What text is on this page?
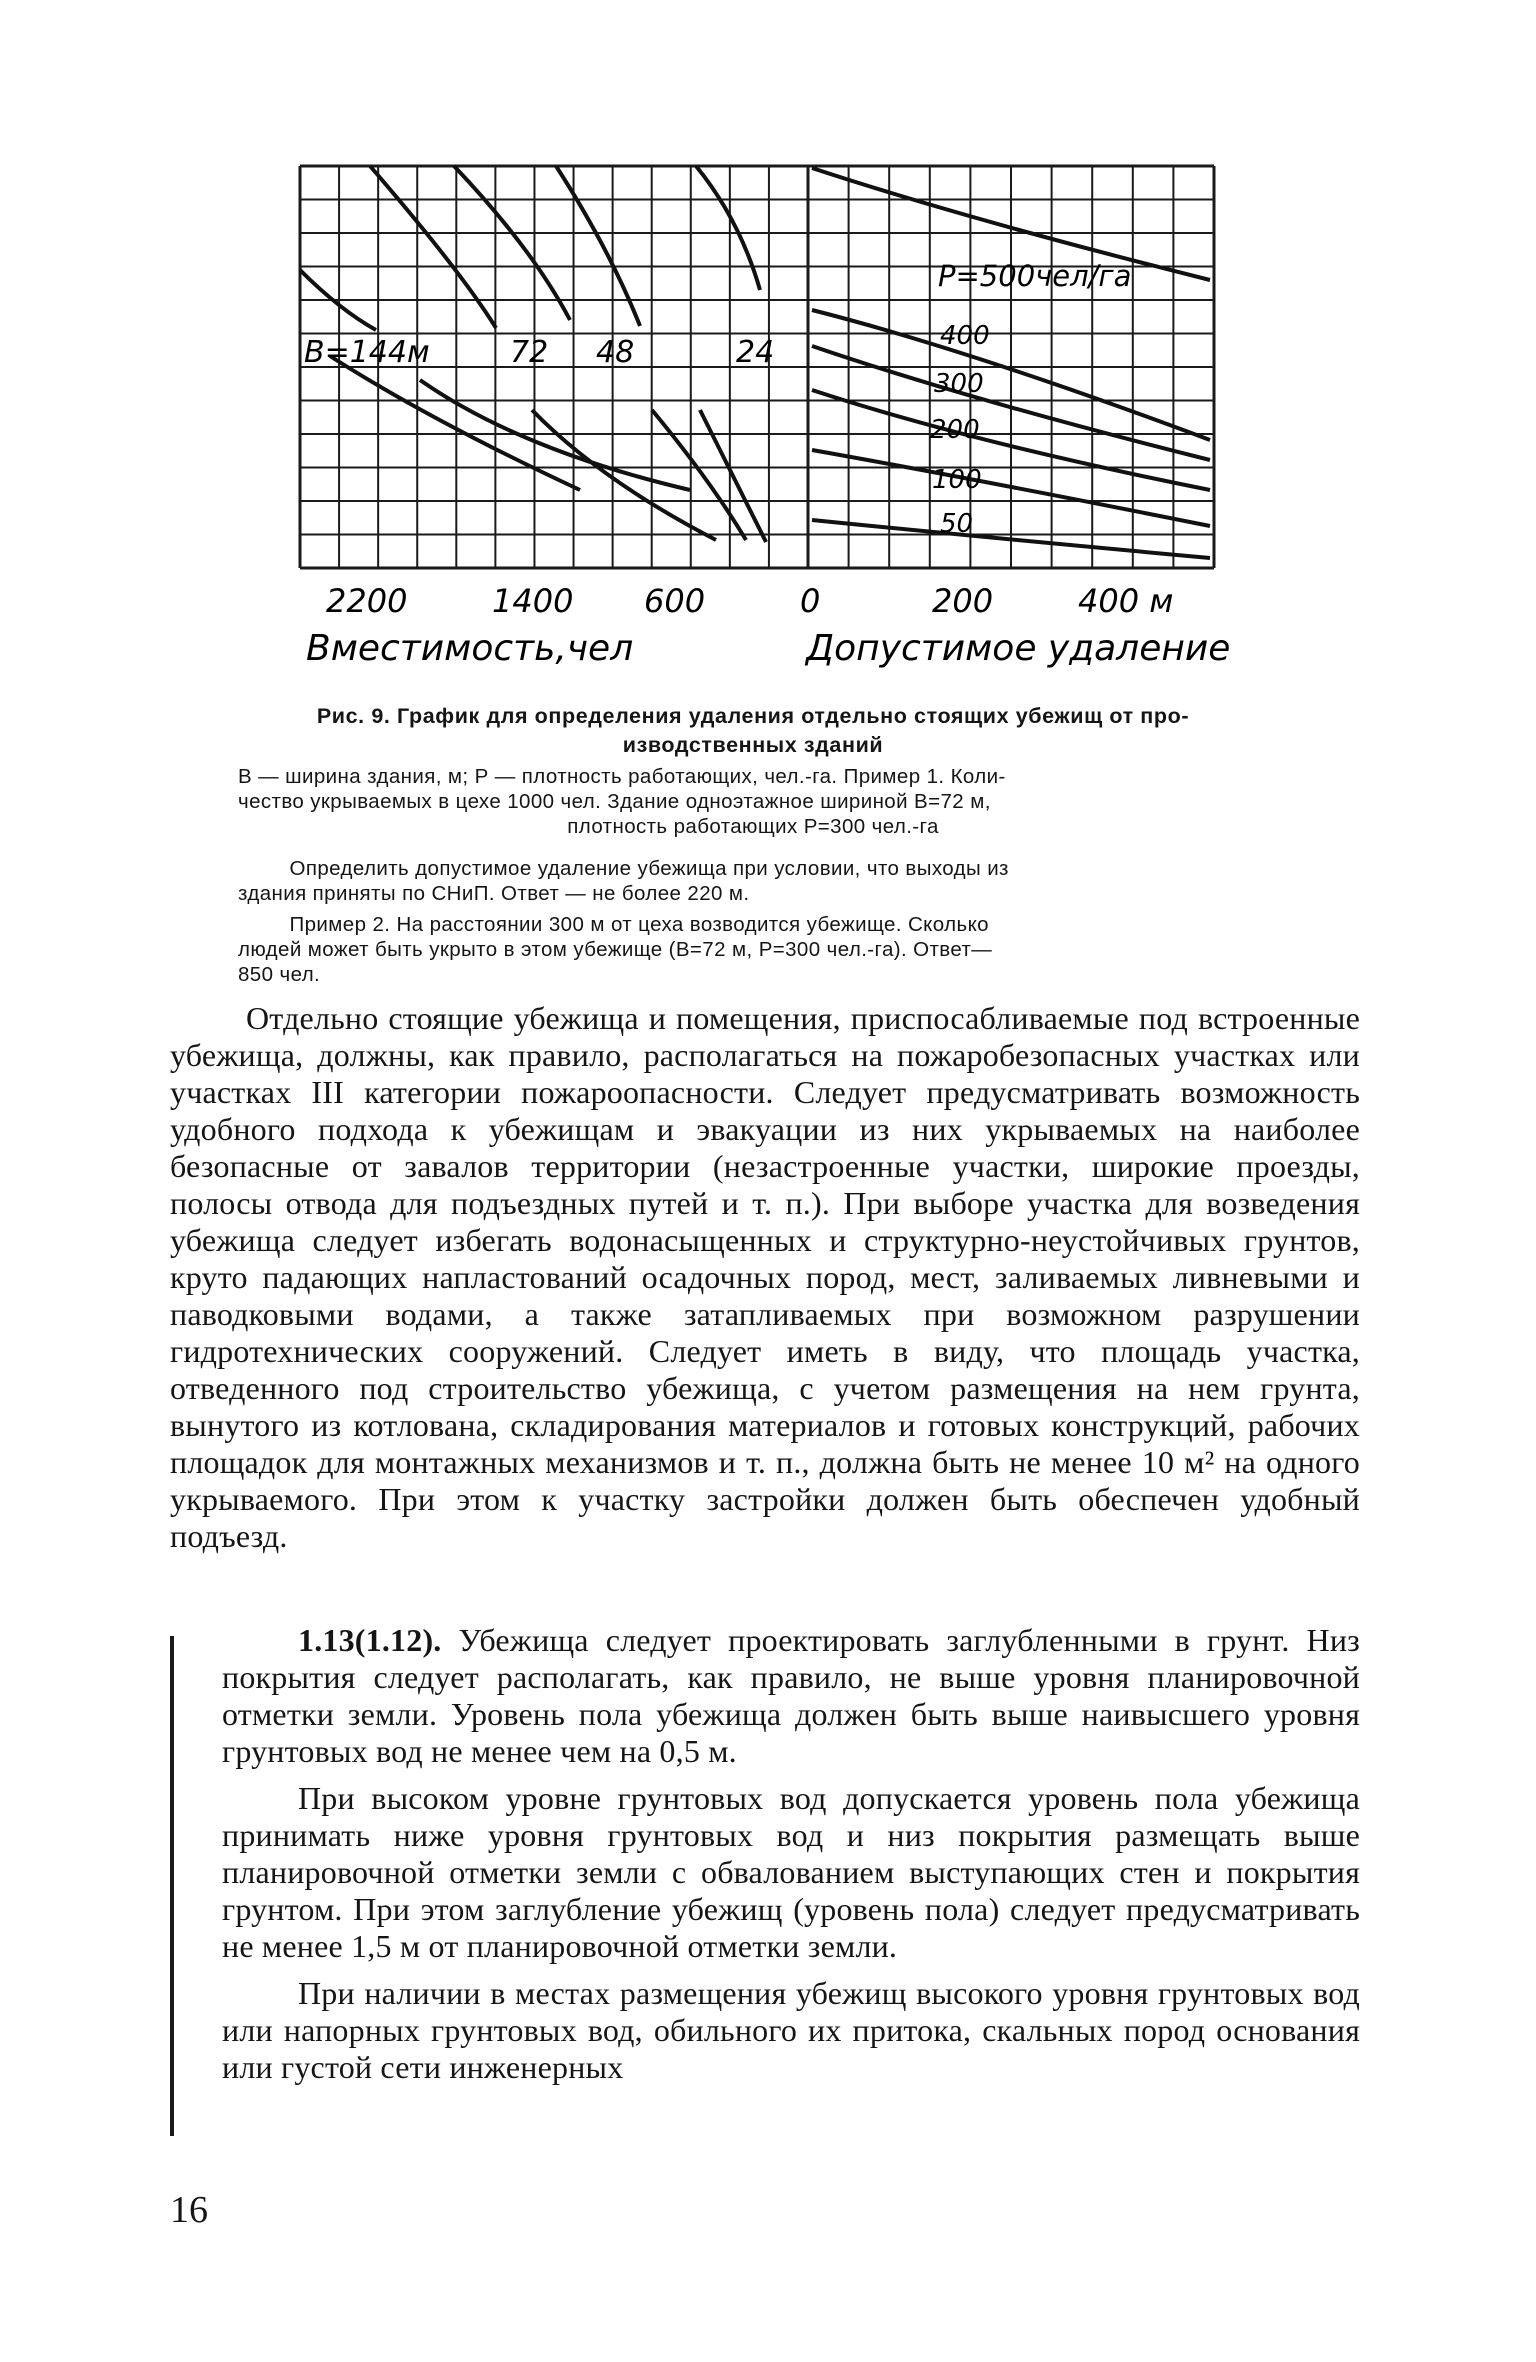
В=144м	72 48	24
Р=500чел/га
400
300
200
100
50
2200	1400 600	0	200	400 м
Вместимость,чел	Допустимое удаление
Рис. 9. График для определения удаления отдельно стоящих убежищ от про-
изводственных зданий
В — ширина здания, м; Р — плотность работающих, чел.-га. Пример 1. Коли-
чество укрываемых в цехе 1000 чел. Здание одноэтажное шириной В=72 м,
плотность работающих Р=300 чел.-га
Определить допустимое удаление убежища при условии, что выходы из
здания приняты по СНиП. Ответ — не более 220 м.
Пример 2. На расстоянии 300 м от цеха возводится убежище. Сколько
людей может быть укрыто в этом убежище (В=72 м, Р=300 чел.-га). Ответ—
850 чел.

Отдельно стоящие убежища и помещения, приспосабливаемые под встроенные убежища, должны, как правило, располагаться на пожаробезопасных участках или участках III категории пожароопасности. Следует предусматривать возможность удобного подхода к убежищам и эвакуации из них укрываемых на наиболее безопасные от завалов территории (незастроенные участки, широкие проезды, полосы отвода для подъездных путей и т. п.). При выборе участка для возведения убежища следует избегать водонасыщенных и структурно-неустойчивых грунтов, круто падающих напластований осадочных пород, мест, заливаемых ливневыми и паводковыми водами, а также затапливаемых при возможном разрушении гидротехнических сооружений. Следует иметь в виду, что площадь участка, отведенного под строительство убежища, с учетом размещения на нем грунта, вынутого из котлована, складирования материалов и готовых конструкций, рабочих площадок для монтажных механизмов и т. п., должна быть не менее 10 м² на одного укрываемого. При этом к участку застройки должен быть обеспечен удобный подъезд.

1.13(1.12). Убежища следует проектировать заглубленными в грунт. Низ покрытия следует располагать, как правило, не выше уровня планировочной отметки земли. Уровень пола убежища должен быть выше наивысшего уровня грунтовых вод не менее чем на 0,5 м.

При высоком уровне грунтовых вод допускается уровень пола убежища принимать ниже уровня грунтовых вод и низ покрытия размещать выше планировочной отметки земли с обвалованием выступающих стен и покрытия грунтом. При этом заглубление убежищ (уровень пола) следует предусматривать не менее 1,5 м от планировочной отметки земли.

При наличии в местах размещения убежищ высокого уровня грунтовых вод или напорных грунтовых вод, обильного их притока, скальных пород основания или густой сети инженерных

16
